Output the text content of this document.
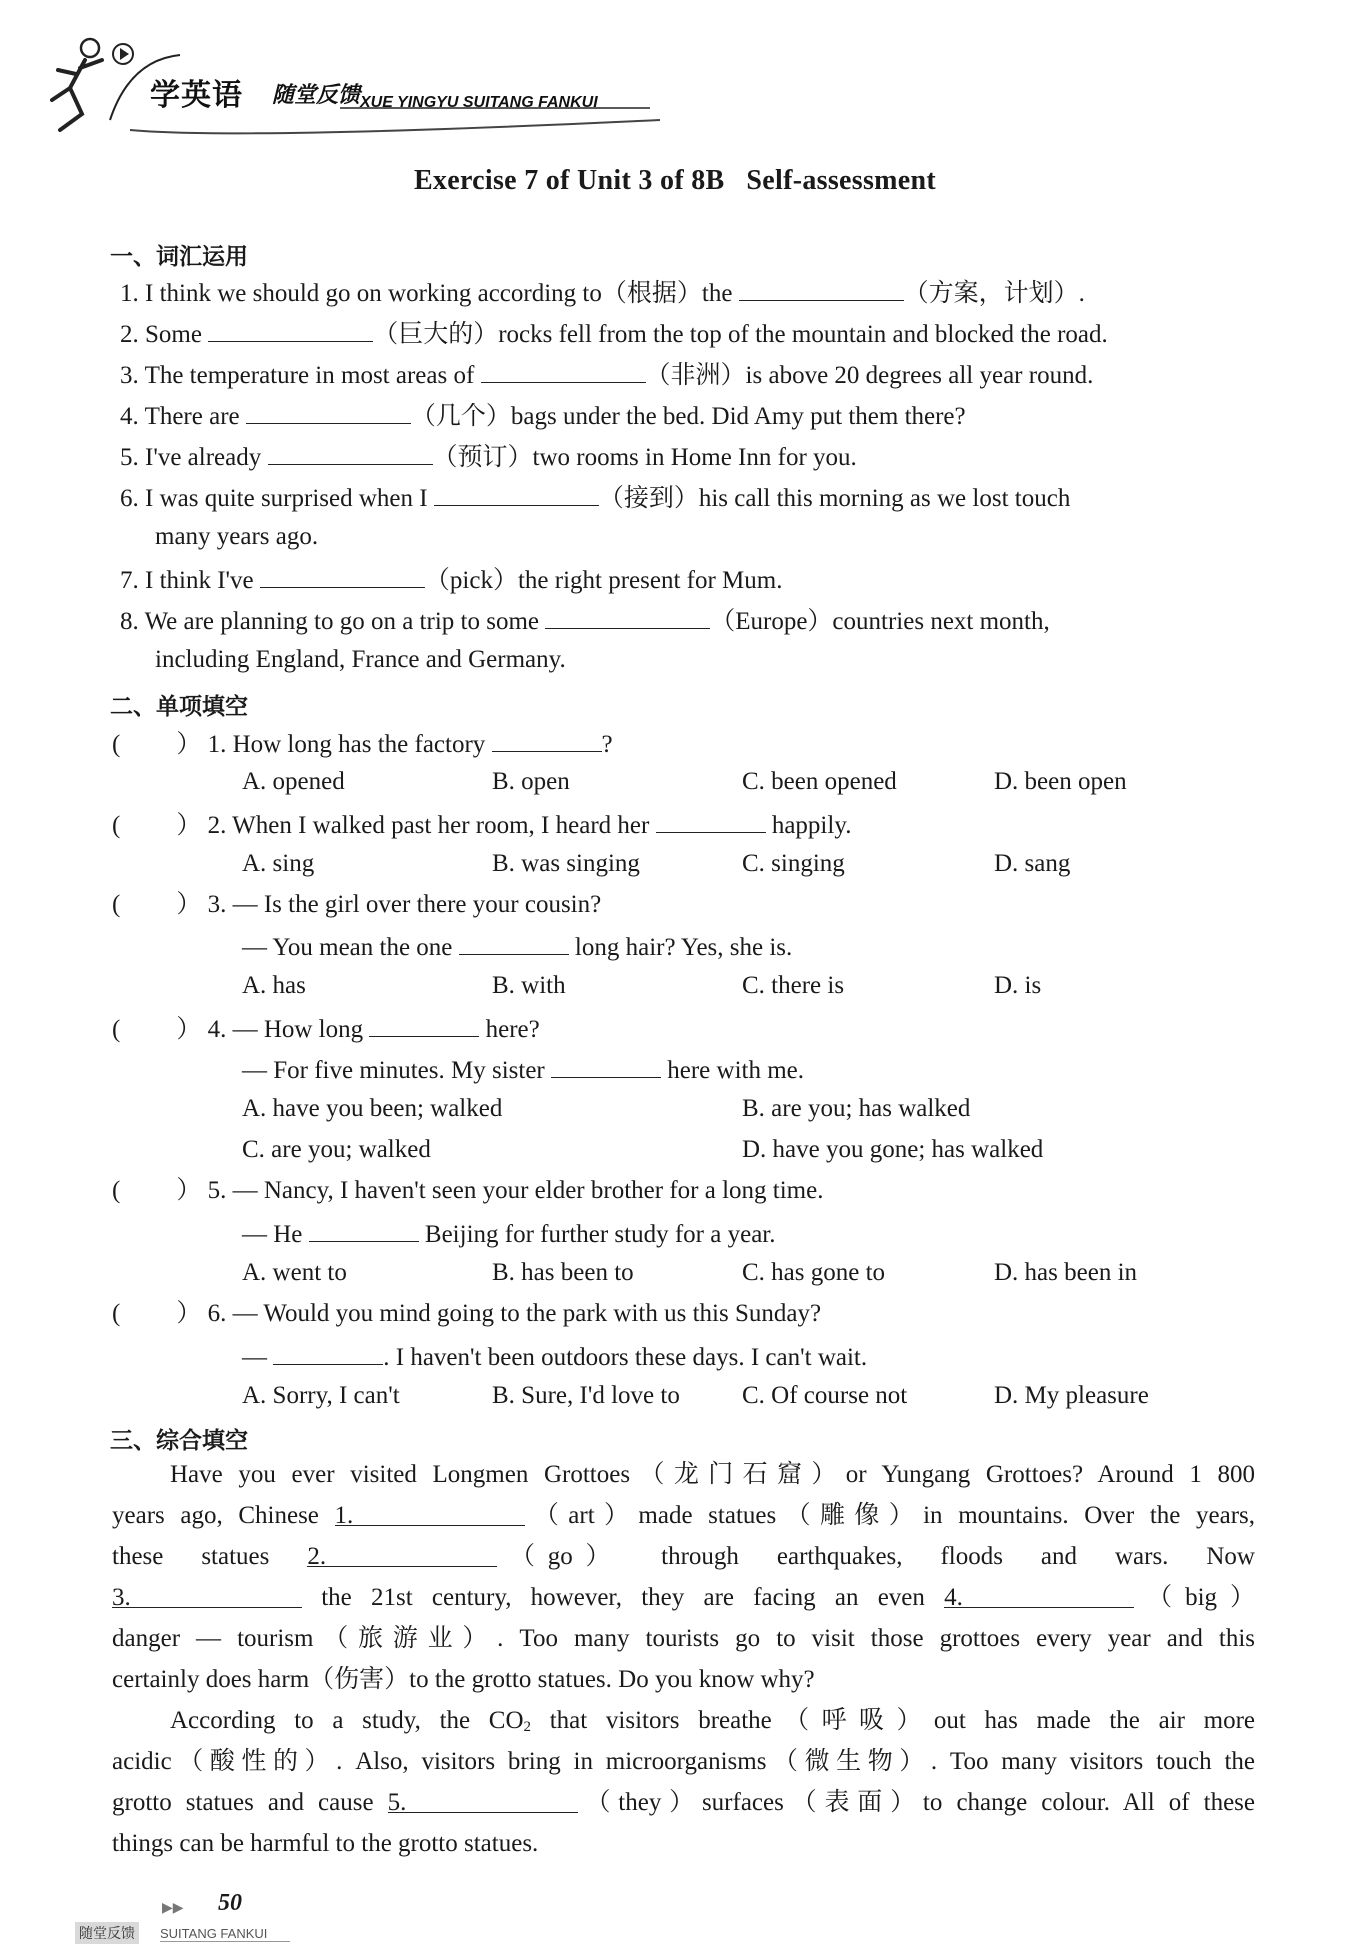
学英语 随堂反馈 XUE YINGYU SUITANG FANKUI
Exercise 7 of Unit 3 of 8B   Self-assessment
一、词汇运用
1. I think we should go on working according to（根据）the	（方案，计划）.
2. Some	（巨大的）rocks fell from the top of the mountain and blocked the road.
3. The temperature in most areas of	（非洲）is above 20 degrees all year round.
4. There are	（几个）bags under the bed. Did Amy put them there?
5. I've already	（预订）two rooms in Home Inn for you.
6. I was quite surprised when I	（接到）his call this morning as we lost touch
many years ago.
7. I think I've	（pick）the right present for Mum.
8. We are planning to go on a trip to some	（Europe）countries next month,
including England, France and Germany.
二、单项填空
( ） 1. How long has the factory	?
A. opened	B. open	C. been opened	D. been open
( ） 2. When I walked past her room, I heard her	happily.
A. sing	B. was singing	C. singing	D. sang
( ） 3. — Is the girl over there your cousin?
— You mean the one	long hair? Yes, she is.
A. has	B. with	C. there is	D. is
( ） 4. — How long	here?
— For five minutes. My sister	here with me.
A. have you been; walked	B. are you; has walked
C. are you; walked	D. have you gone; has walked
( ） 5. — Nancy, I haven't seen your elder brother for a long time.
— He	Beijing for further study for a year.
A. went to	B. has been to	C. has gone to	D. has been in
( ） 6. — Would you mind going to the park with us this Sunday?
—	. I haven't been outdoors these days. I can't wait.
A. Sorry, I can't	B. Sure, I'd love to C. Of course not	D. My pleasure
三、综合填空
Have you ever visited Longmen Grottoes（龙门石窟）or Yungang Grottoes? Around 1 800
years ago, Chinese 1.	（art）made statues（雕像）in mountains. Over the years,
these  statues  2.	（go）  through  earthquakes,  floods  and  wars.  Now
3.	the 21st century, however, they are facing an even 4.	（big）
danger — tourism（旅游业）. Too many tourists go to visit those grottoes every year and this
certainly does harm（伤害）to the grotto statues. Do you know why?
According to a study, the $CO_2$ that visitors breathe（呼吸）out has made the air more
acidic（酸性的）. Also, visitors bring in microorganisms（微生物）. Too many visitors touch the
grotto statues and cause 5.	（they）surfaces（表面）to change colour. All of these
things can be harmful to the grotto statues.
▶▶ 50
随堂反馈	SUITANG FANKUI
